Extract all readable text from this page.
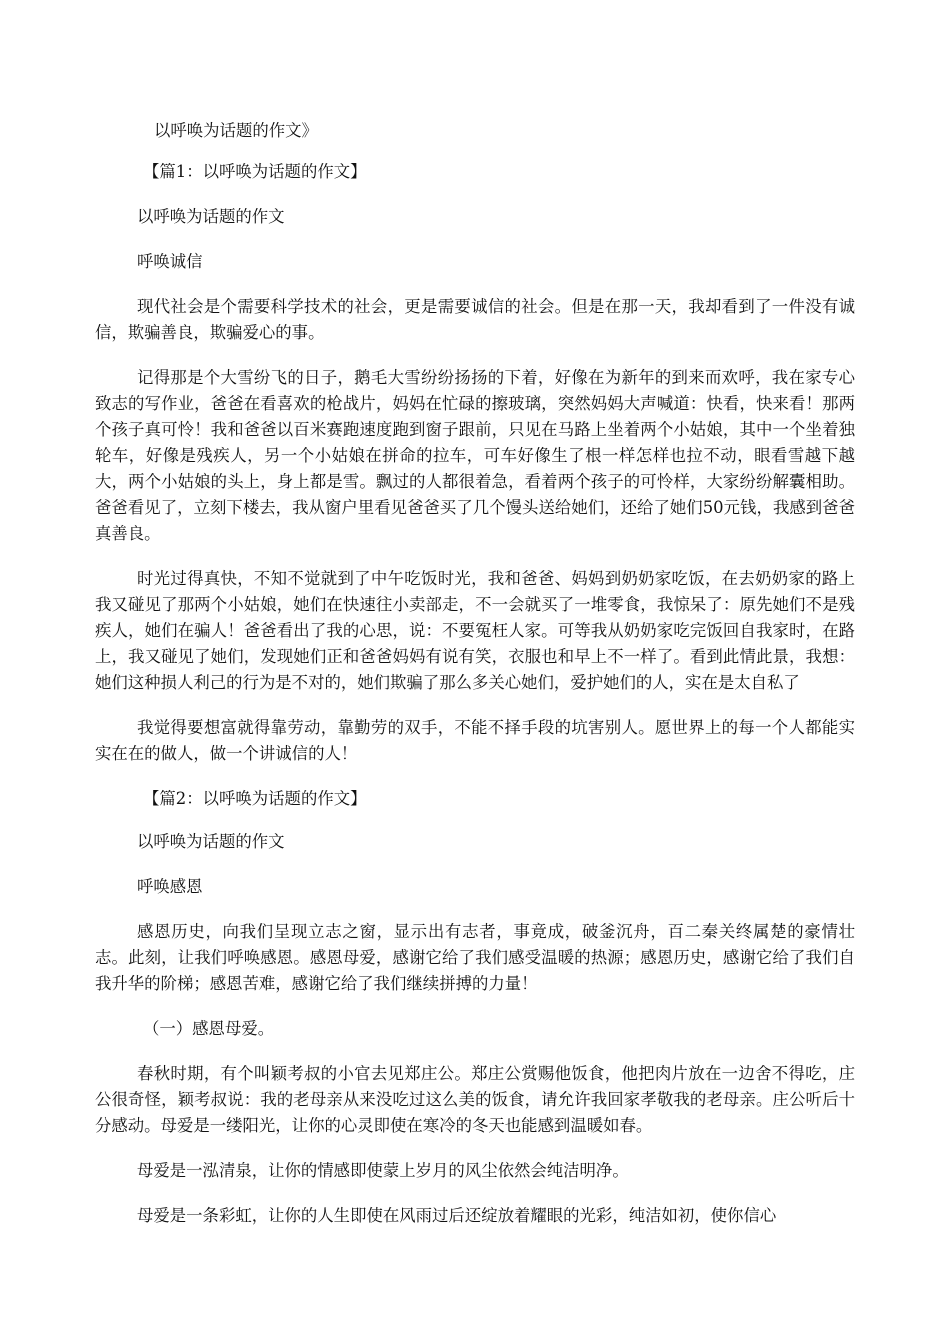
以呼唤为话题的作文》

【篇1：以呼唤为话题的作文】

以呼唤为话题的作文

呼唤诚信

现代社会是个需要科学技术的社会，更是需要诚信的社会。但是在那一天，我却看到了一件没有诚信，欺骗善良，欺骗爱心的事。

记得那是个大雪纷飞的日子，鹅毛大雪纷纷扬扬的下着，好像在为新年的到来而欢呼，我在家专心致志的写作业，爸爸在看喜欢的枪战片，妈妈在忙碌的擦玻璃，突然妈妈大声喊道：快看，快来看！那两个孩子真可怜！我和爸爸以百米赛跑速度跑到窗子跟前，只见在马路上坐着两个小姑娘，其中一个坐着独轮车，好像是残疾人，另一个小姑娘在拼命的拉车，可车好像生了根一样怎样也拉不动，眼看雪越下越大，两个小姑娘的头上，身上都是雪。飘过的人都很着急，看着两个孩子的可怜样，大家纷纷解囊相助。爸爸看见了，立刻下楼去，我从窗户里看见爸爸买了几个馒头送给她们，还给了她们50元钱，我感到爸爸真善良。

时光过得真快，不知不觉就到了中午吃饭时光，我和爸爸、妈妈到奶奶家吃饭，在去奶奶家的路上我又碰见了那两个小姑娘，她们在快速往小卖部走，不一会就买了一堆零食，我惊呆了：原先她们不是残疾人，她们在骗人！爸爸看出了我的心思，说：不要冤枉人家。可等我从奶奶家吃完饭回自我家时，在路上，我又碰见了她们，发现她们正和爸爸妈妈有说有笑，衣服也和早上不一样了。看到此情此景，我想：她们这种损人利己的行为是不对的，她们欺骗了那么多关心她们，爱护她们的人，实在是太自私了

我觉得要想富就得靠劳动，靠勤劳的双手，不能不择手段的坑害别人。愿世界上的每一个人都能实实在在的做人，做一个讲诚信的人！

【篇2：以呼唤为话题的作文】

以呼唤为话题的作文

呼唤感恩

感恩历史，向我们呈现立志之窗，显示出有志者，事竟成，破釜沉舟，百二秦关终属楚的豪情壮志。此刻，让我们呼唤感恩。感恩母爱，感谢它给了我们感受温暖的热源；感恩历史，感谢它给了我们自我升华的阶梯；感恩苦难，感谢它给了我们继续拼搏的力量！

（一）感恩母爱。

春秋时期，有个叫颖考叔的小官去见郑庄公。郑庄公赏赐他饭食，他把肉片放在一边舍不得吃，庄公很奇怪，颖考叔说：我的老母亲从来没吃过这么美的饭食，请允许我回家孝敬我的老母亲。庄公听后十分感动。母爱是一缕阳光，让你的心灵即使在寒冷的冬天也能感到温暖如春。

母爱是一泓清泉，让你的情感即使蒙上岁月的风尘依然会纯洁明净。

母爱是一条彩虹，让你的人生即使在风雨过后还绽放着耀眼的光彩，纯洁如初，使你信心
